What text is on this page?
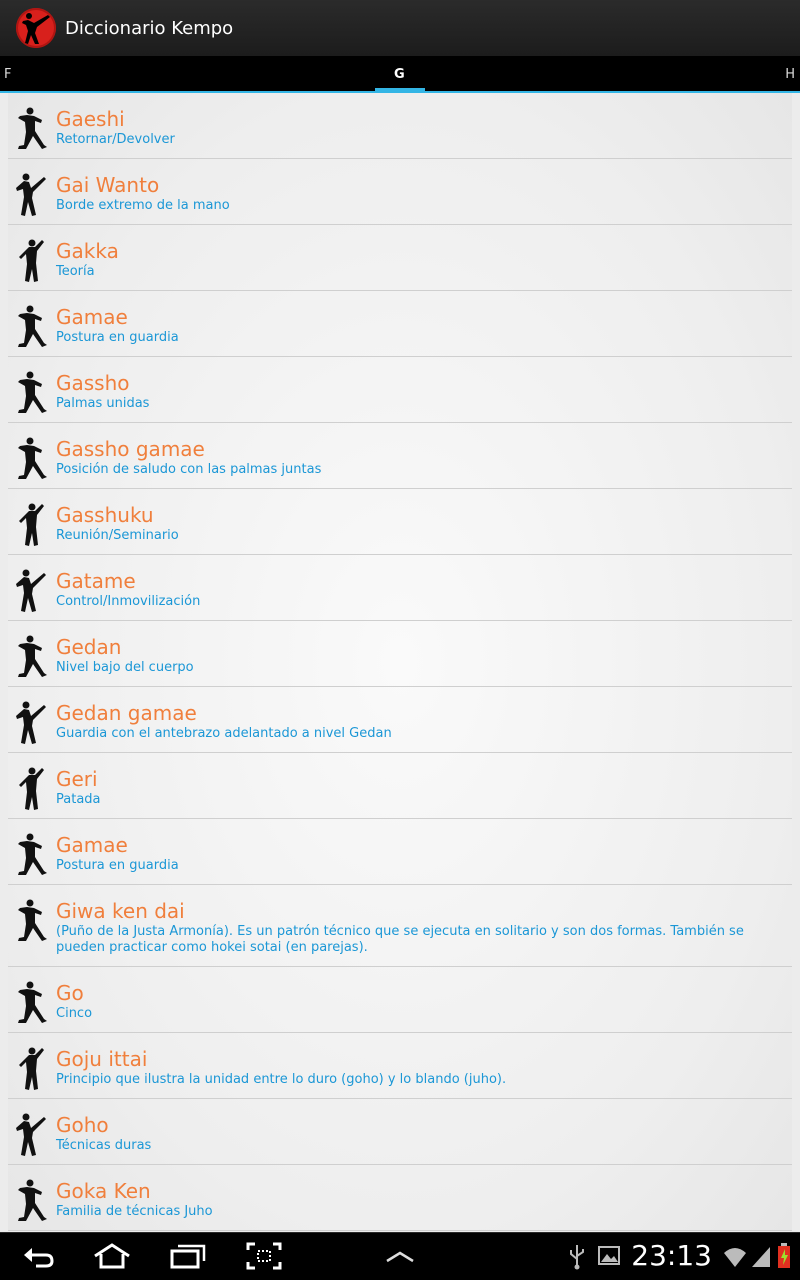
Diccionario Kempo
F	G	H
Gaeshi
Retornar/Devolver
Gai Wanto
Borde extremo de la mano
Gakka
Teoría
Gamae
Postura en guardia
Gassho
Palmas unidas
Gassho gamae
Posición de saludo con las palmas juntas
Gasshuku
Reunión/Seminario
Gatame
Control/Inmovilización
Gedan
Nivel bajo del cuerpo
Gedan gamae
Guardia con el antebrazo adelantado a nivel Gedan
Geri
Patada
Gamae
Postura en guardia
Giwa ken dai
(Puño de la Justa Armonía). Es un patrón técnico que se ejecuta en solitario y son dos formas. También se pueden practicar como hokei sotai (en parejas).
Go
Cinco
Goju ittai
Principio que ilustra la unidad entre lo duro (goho) y lo blando (juho).
Goho
Técnicas duras
Goka Ken
Familia de técnicas Juho
23:13
